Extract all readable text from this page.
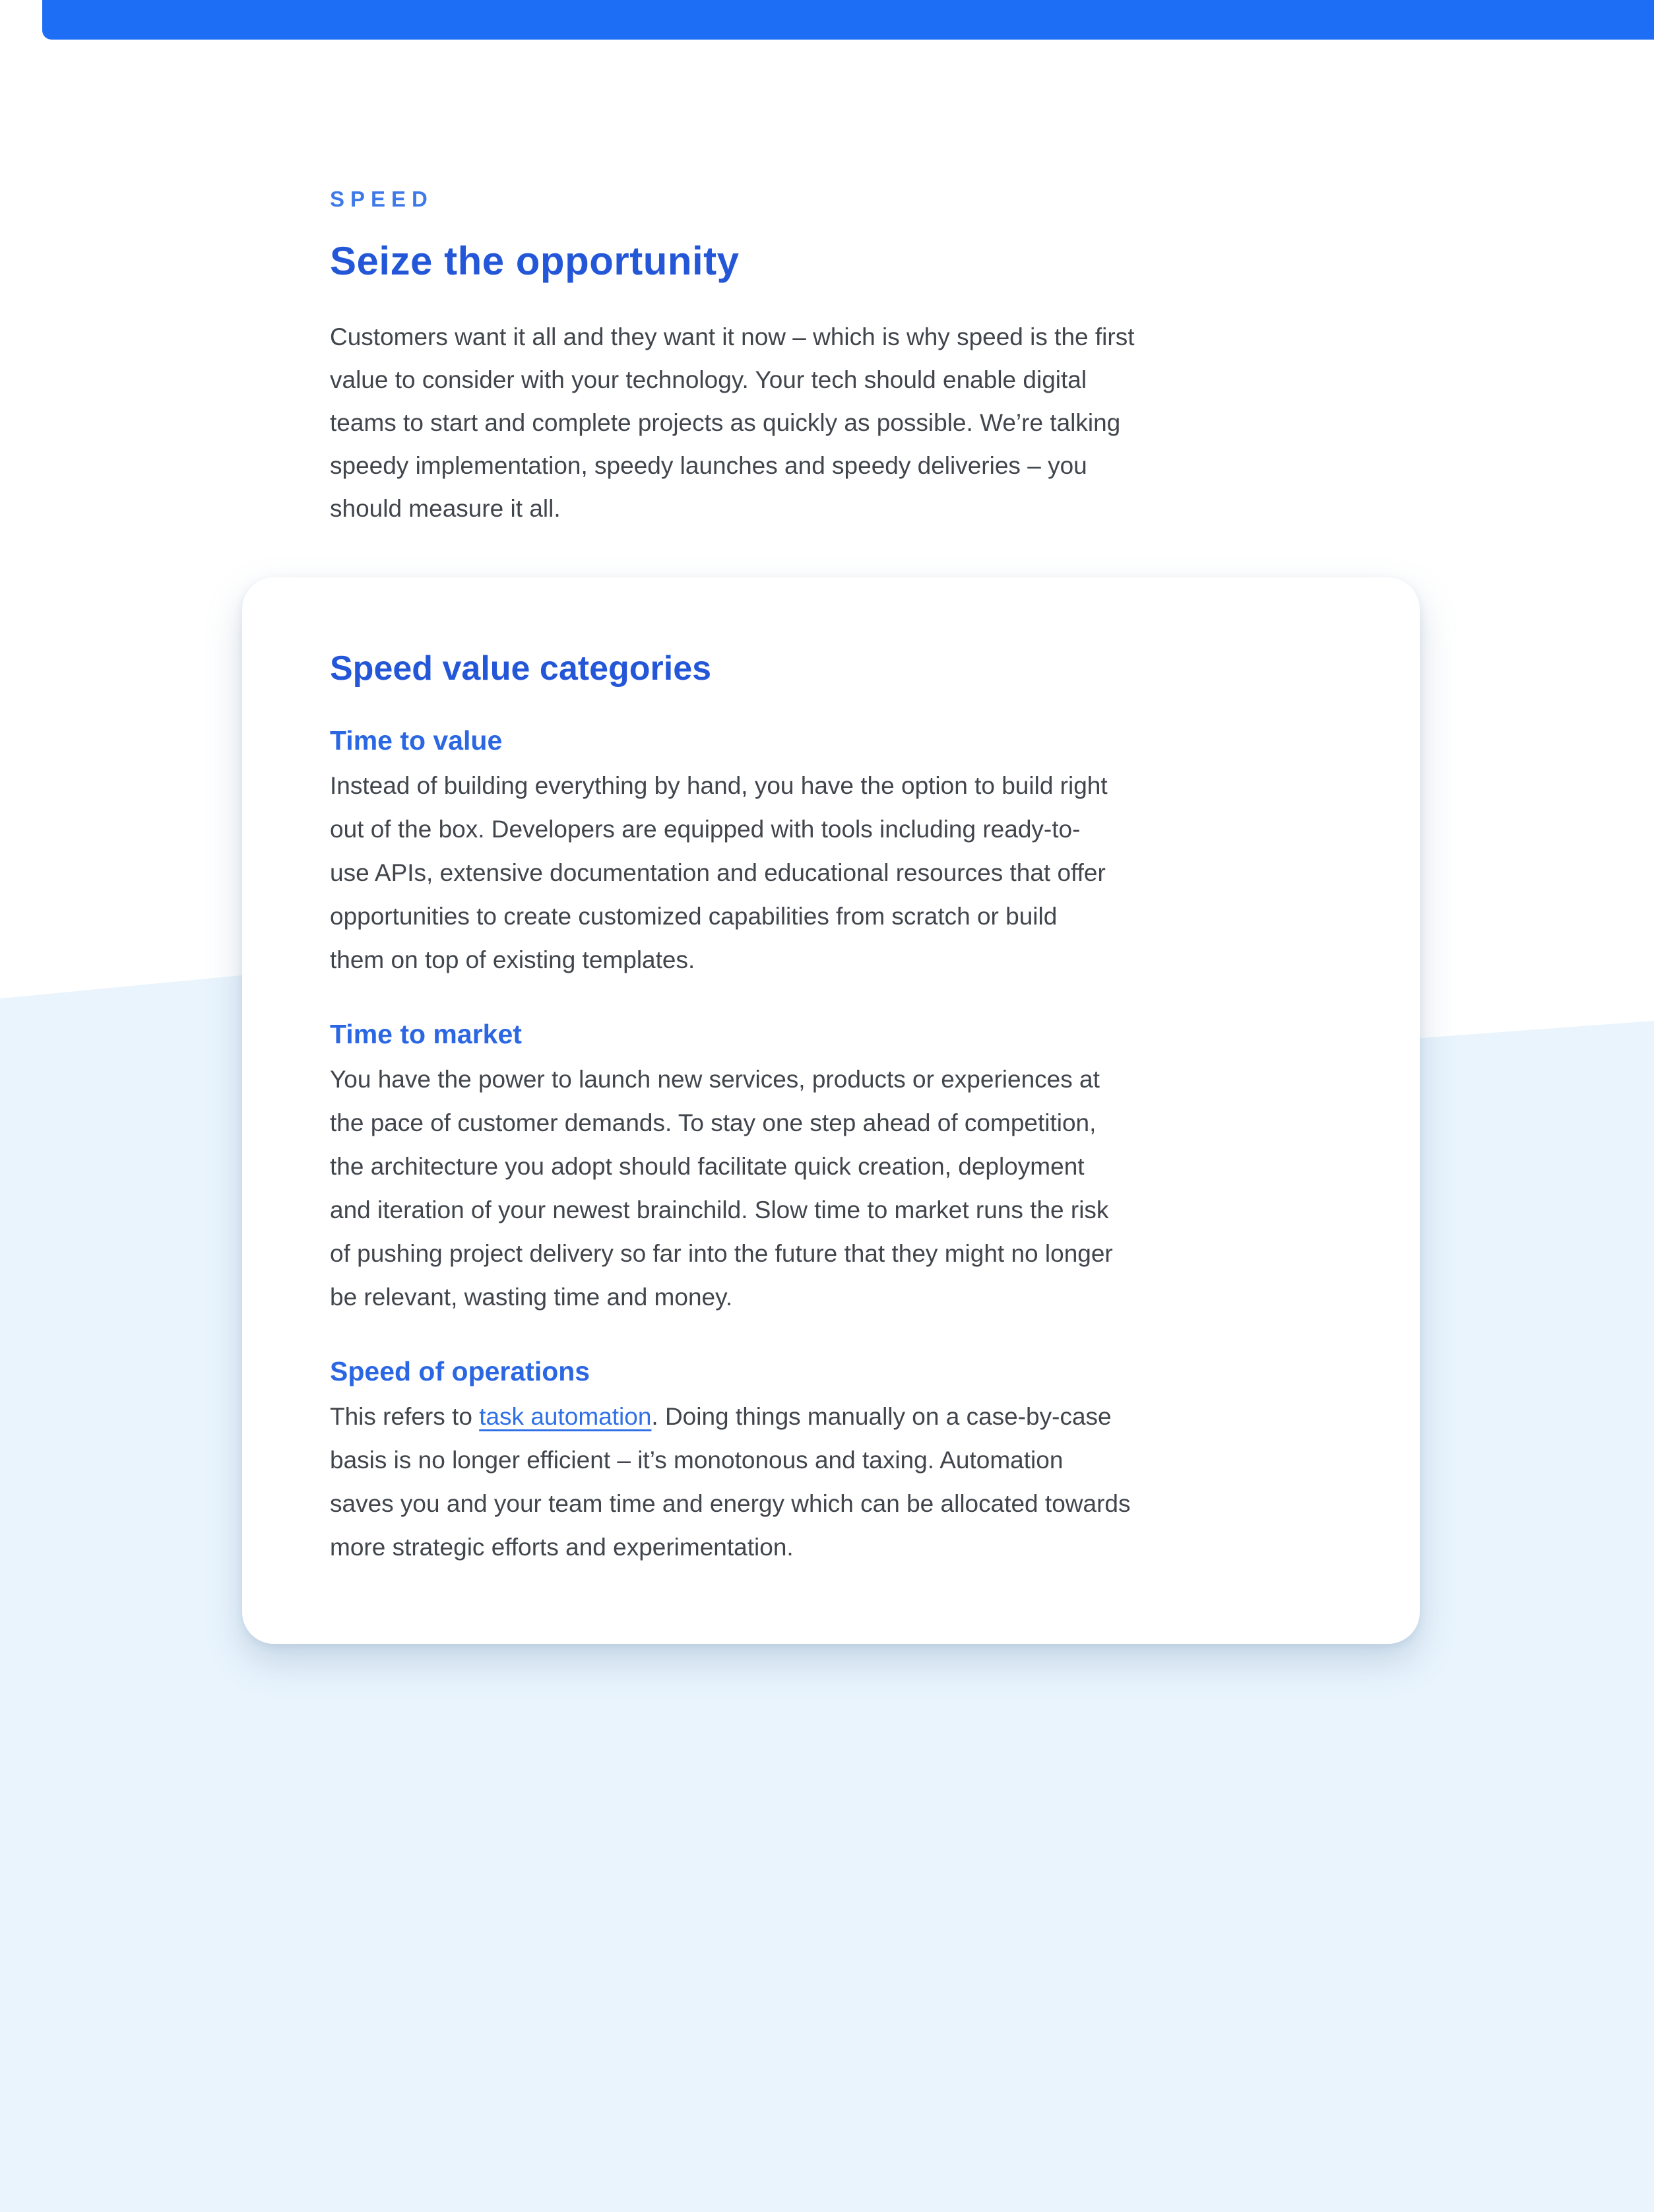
SPEED
Seize the opportunity
Customers want it all and they want it now – which is why speed is the first
value to consider with your technology. Your tech should enable digital
teams to start and complete projects as quickly as possible. We’re talking
speedy implementation, speedy launches and speedy deliveries – you
should measure it all.
Speed value categories
Time to value
Instead of building everything by hand, you have the option to build right
out of the box. Developers are equipped with tools including ready-to-
use APIs, extensive documentation and educational resources that offer
opportunities to create customized capabilities from scratch or build
them on top of existing templates.
Time to market
You have the power to launch new services, products or experiences at
the pace of customer demands. To stay one step ahead of competition,
the architecture you adopt should facilitate quick creation, deployment
and iteration of your newest brainchild. Slow time to market runs the risk
of pushing project delivery so far into the future that they might no longer
be relevant, wasting time and money.
Speed of operations
This refers to task automation. Doing things manually on a case-by-case
basis is no longer efficient – it’s monotonous and taxing. Automation
saves you and your team time and energy which can be allocated towards
more strategic efforts and experimentation.
